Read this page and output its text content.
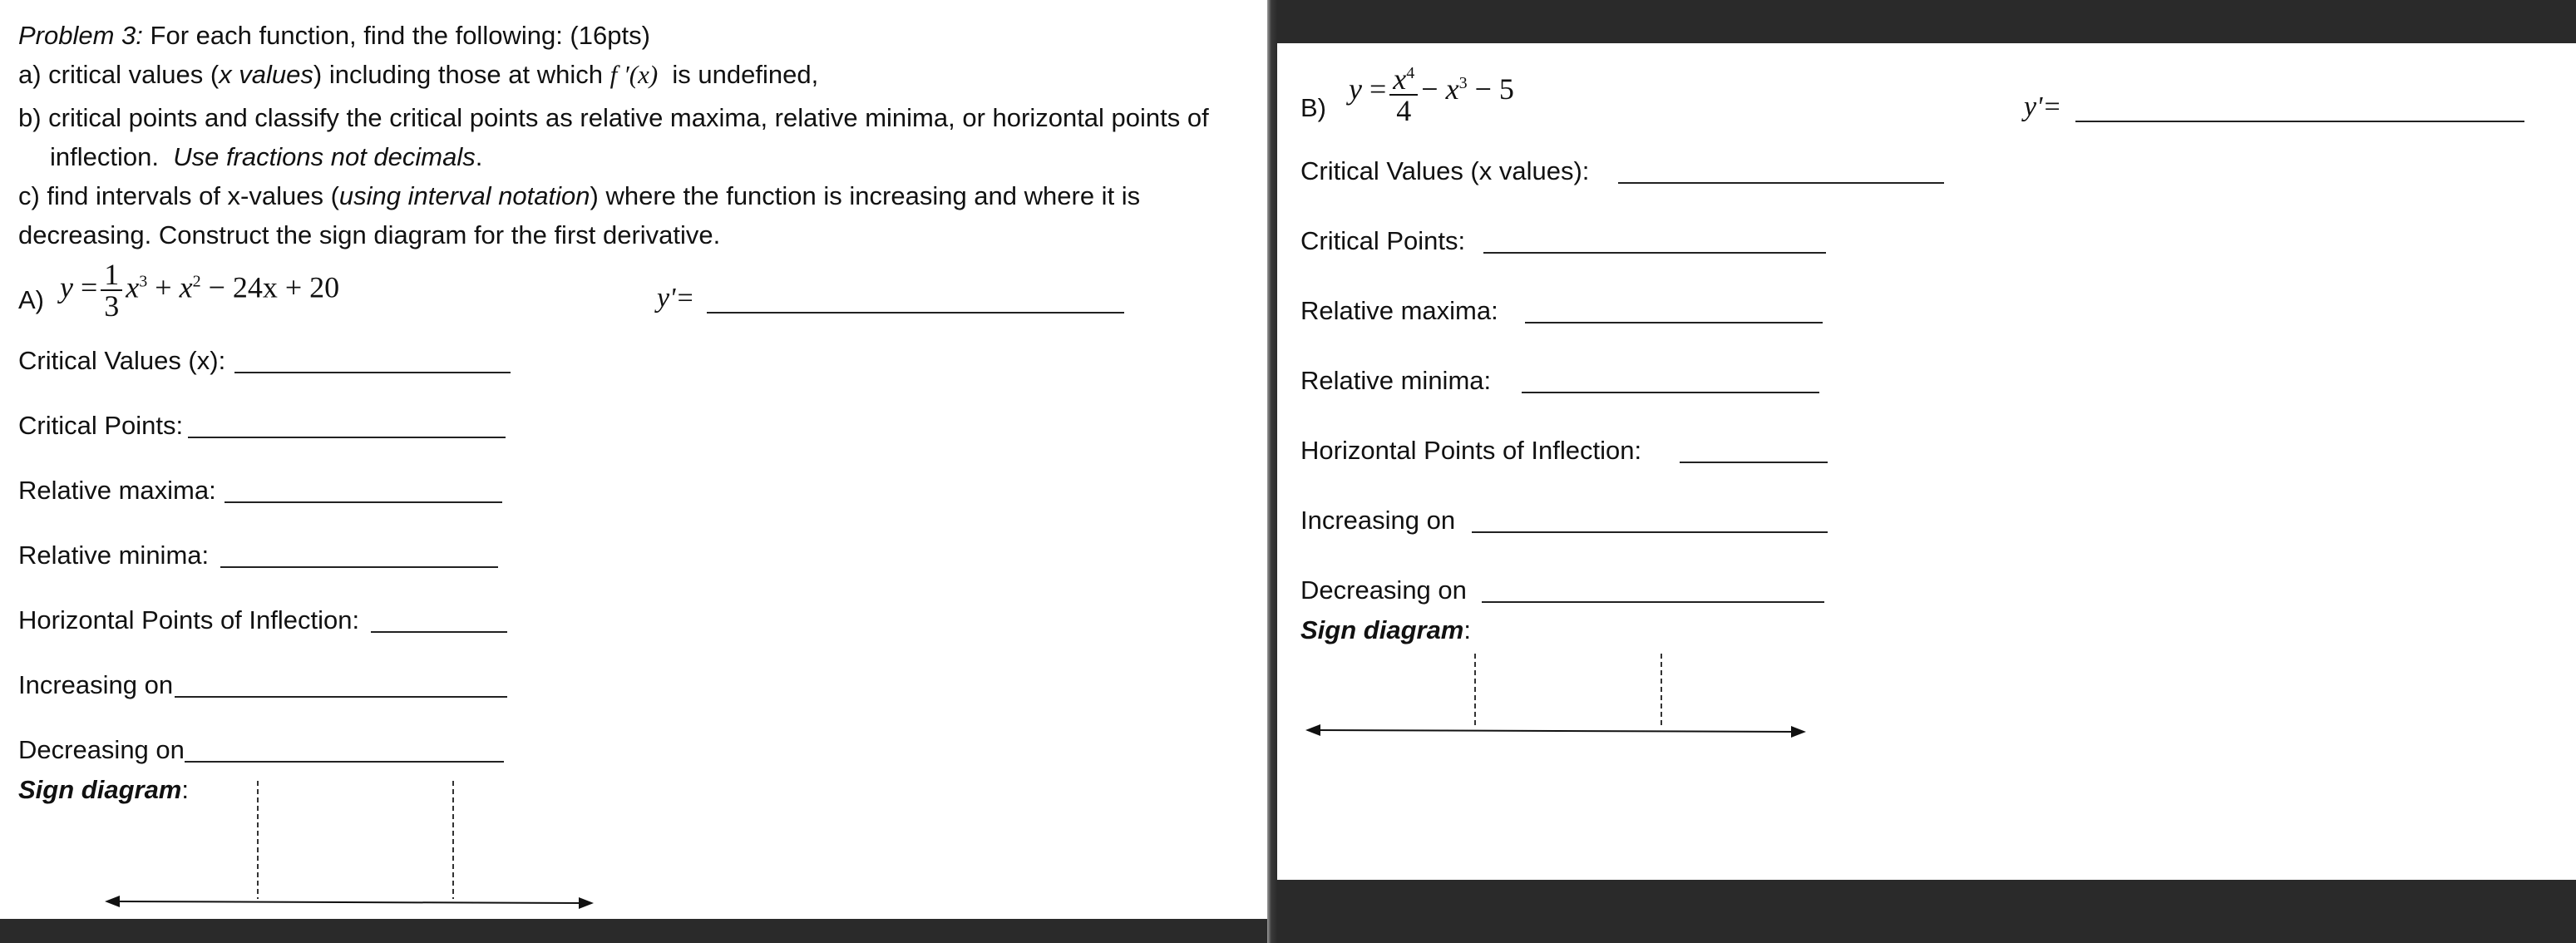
Problem 3: For each function, find the following: (16pts)
a) critical values (x values) including those at which f ′(x) is undefined,
b) critical points and classify the critical points as relative maxima, relative minima, or horizontal points of
inflection. Use fractions not decimals.
c) find intervals of x-values (using interval notation) where the function is increasing and where it is
decreasing. Construct the sign diagram for the first derivative.
A) $y = \frac{1}{3} x^3 + x^2 - 24x + 20$	y'=
Critical Values (x):
Critical Points:
Relative maxima:
Relative minima:
Horizontal Points of Inflection:
Increasing on
Decreasing on
Sign diagram:
B)
$y = \frac{x^4}{4} - x^3 - 5$
y'=
Critical Values (x values):
Critical Points:
Relative maxima:
Relative minima:
Horizontal Points of Inflection:
Increasing on
Decreasing on
Sign diagram:
